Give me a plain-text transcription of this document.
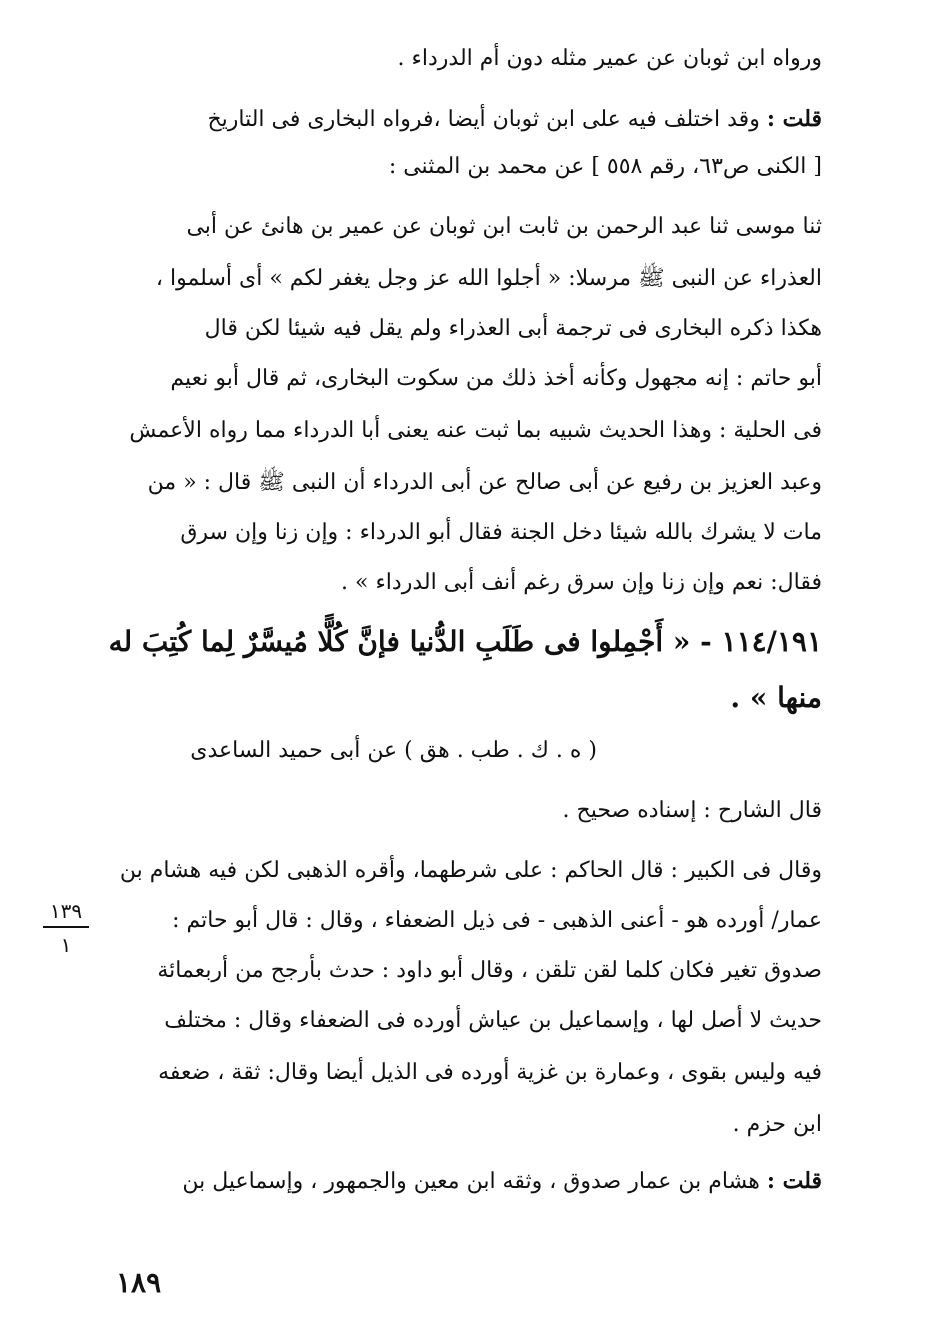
ورواه ابن ثوبان عن عمير مثله دون أم الدرداء .
قلت : وقد اختلف فيه على ابن ثوبان أيضا ،فرواه البخارى فى التاريخ
[ الكنى ص٦٣، رقم ٥٥٨ ] عن محمد بن المثنى :
ثنا موسى ثنا عبد الرحمن بن ثابت ابن ثوبان عن عمير بن هانئ عن أبى
العذراء عن النبى ﷺ مرسلا: « أجلوا الله عز وجل يغفر لكم » أى أسلموا ،
هكذا ذكره البخارى فى ترجمة أبى العذراء ولم يقل فيه شيئا لكن قال
أبو حاتم : إنه مجهول وكأنه أخذ ذلك من سكوت البخارى، ثم قال أبو نعيم
فى الحلية : وهذا الحديث شبيه بما ثبت عنه يعنى أبا الدرداء مما رواه الأعمش
وعبد العزيز بن رفيع عن أبى صالح عن أبى الدرداء أن النبى ﷺ قال : « من
مات لا يشرك بالله شيئا دخل الجنة فقال أبو الدرداء : وإن زنا وإن سرق
فقال: نعم وإن زنا وإن سرق رغم أنف أبى الدرداء » .
١١٤/١٩١ - « أَجْمِلوا فى طَلَبِ الدُّنيا فإنَّ كُلًّا مُيسَّرٌ لِما كُتِبَ له
منها » .
( ه . ك . طب . هق ) عن أبى حميد الساعدى
قال الشارح : إسناده صحيح .
وقال فى الكبير : قال الحاكم : على شرطهما، وأقره الذهبى لكن فيه هشام بن
عمار/ أورده هو - أعنى الذهبى - فى ذيل الضعفاء ، وقال : قال أبو حاتم :
صدوق تغير فكان كلما لقن تلقن ، وقال أبو داود : حدث بأرجح من أربعمائة
حديث لا أصل لها ، وإسماعيل بن عياش أورده فى الضعفاء وقال : مختلف
فيه وليس بقوى ، وعمارة بن غزية أورده فى الذيل أيضا وقال: ثقة ، ضعفه
ابن حزم .
قلت : هشام بن عمار صدوق ، وثقه ابن معين والجمهور ، وإسماعيل بن
١٣٩
١
١٨٩
